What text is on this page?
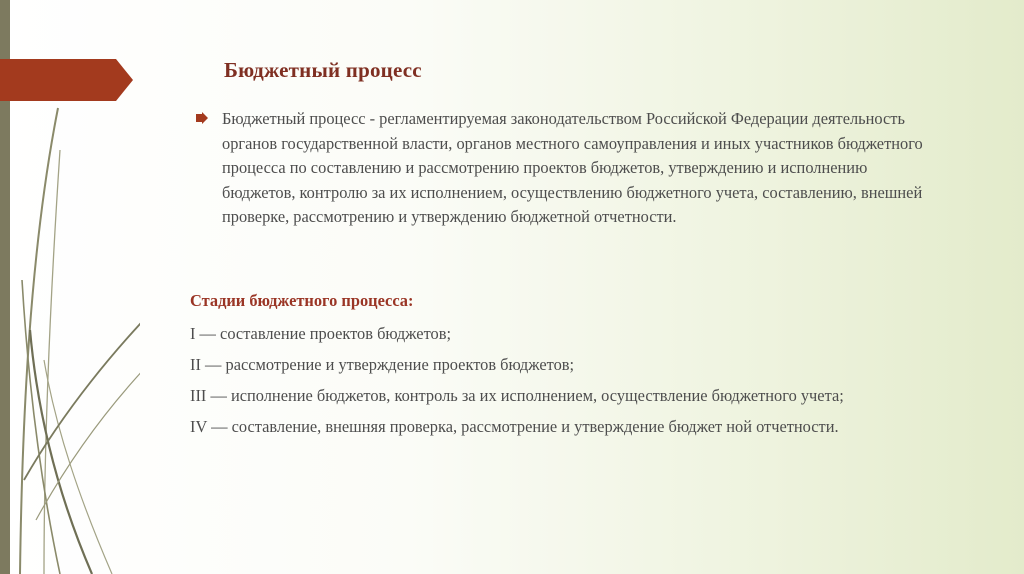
Бюджетный процесс

Бюджетный процесс - регламентируемая законодательством Российской Федерации деятельность органов государственной власти, органов местного самоуправления и иных участников бюджетного процесса по составлению и рассмотрению проектов бюджетов, утверждению и исполнению бюджетов, контролю за их исполнением, осуществлению бюджетного учета, составлению, внешней проверке, рассмотрению и утверждению бюджетной отчетности.

Стадии бюджетного процесса:
I — составление проектов бюджетов;
II — рассмотрение и утверждение проектов бюджетов;
III — исполнение бюджетов, контроль за их исполнением, осуществление бюджетного учета;
IV — составление, внешняя проверка, рассмотрение и утверждение бюджет ной отчетности.
